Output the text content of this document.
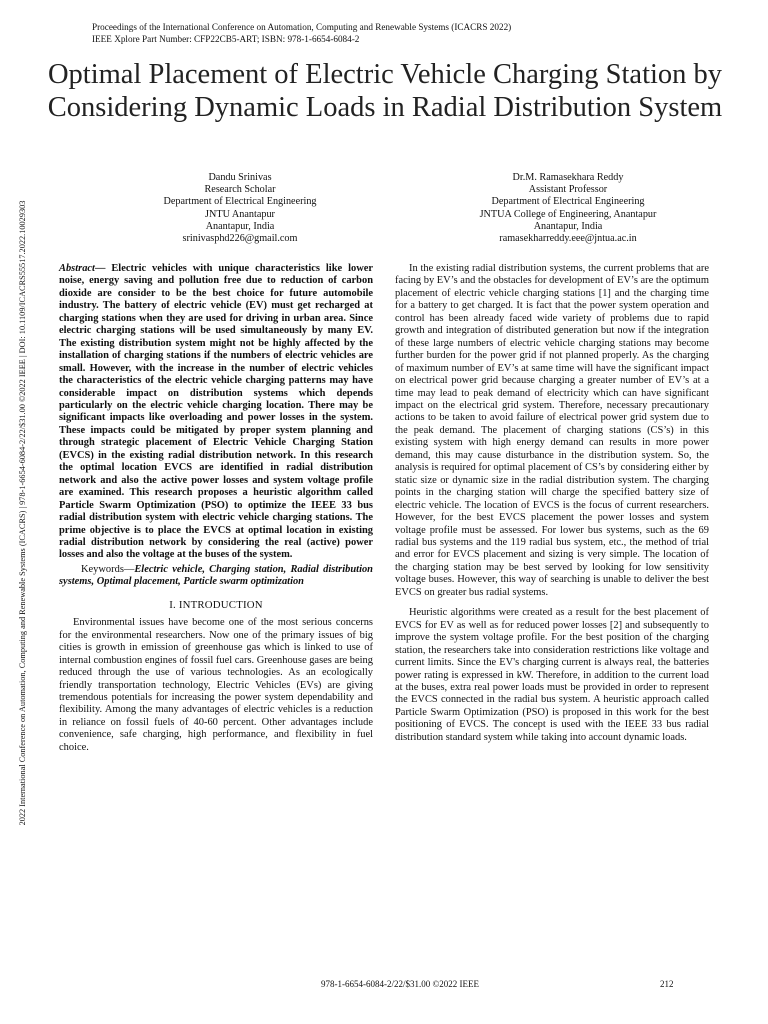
Proceedings of the International Conference on Automation, Computing and Renewable Systems (ICACRS 2022)
IEEE Xplore Part Number: CFP22CB5-ART; ISBN: 978-1-6654-6084-2
2022 International Conference on Automation, Computing and Renewable Systems (ICACRS) | 978-1-6654-6084-2/22/$31.00 ©2022 IEEE | DOI: 10.1109/ICACRS55517.2022.10029303
Optimal Placement of Electric Vehicle Charging Station by Considering Dynamic Loads in Radial Distribution System
Dandu Srinivas
Research Scholar
Department of Electrical Engineering
JNTU Anantapur
Anantapur, India
srinivasphd226@gmail.com
Dr.M. Ramasekhara Reddy
Assistant Professor
Department of Electrical Engineering
JNTUA College of Engineering, Anantapur
Anantapur, India
ramasekharreddy.eee@jntua.ac.in

Abstract— Electric vehicles with unique characteristics like lower noise, energy saving and pollution free due to reduction of carbon dioxide are consider to be the best choice for future automobile industry. The battery of electric vehicle (EV) must get recharged at charging stations when they are used for driving in urban area. Since electric charging stations will be used simultaneously by many EV. The existing distribution system might not be highly affected by the installation of charging stations if the numbers of electric vehicles are small. However, with the increase in the number of electric vehicles the characteristics of the electric vehicle charging patterns may have considerable impact on distribution systems which depends particularly on the electric vehicle charging location. There may be significant impacts like overloading and power losses in the system. These impacts could be mitigated by proper system planning and through strategic placement of Electric Vehicle Charging Station (EVCS) in the existing radial distribution network. In this research the optimal location EVCS are identified in radial distribution network and also the active power losses and system voltage profile are examined. This research proposes a heuristic algorithm called Particle Swarm Optimization (PSO) to optimize the IEEE 33 bus radial distribution system with electric vehicle charging stations. The prime objective is to place the EVCS at optimal location in existing radial distribution network by considering the real (active) power losses and also the voltage at the buses of the system.

Keywords—Electric vehicle, Charging station, Radial distribution systems, Optimal placement, Particle swarm optimization

I. INTRODUCTION

Environmental issues have become one of the most serious concerns for the environmental researchers. Now one of the primary issues of big cities is growth in emission of greenhouse gas which is linked to use of internal combustion engines of fossil fuel cars. Greenhouse gases are being reduced through the use of various technologies. As an ecologically friendly transportation technology, Electric Vehicles (EVs) are giving tremendous potentials for increasing the power system dependability and flexibility. Among the many advantages of electric vehicles is a reduction in reliance on fossil fuels of 40-60 percent. Other advantages include convenience, safe charging, high performance, and flexibility in fuel choice.

In the existing radial distribution systems, the current problems that are facing by EV’s and the obstacles for development of EV’s are the optimum placement of electric vehicle charging stations [1] and the charging time for a battery to get charged. It is fact that the power system operation and control has been already faced wide variety of problems due to rapid growth and integration of distributed generation but now if the integration of these large numbers of electric vehicle charging stations may become further burden for the power grid if not planned properly. As the charging of maximum number of EV’s at same time will have the significant impact on electrical power grid because charging a greater number of EV’s at a time may lead to peak demand of electricity which can have significant impact on the electrical grid system. Therefore, necessary precautionary actions to be taken to avoid failure of electrical power grid system due to the peak demand. The placement of charging stations (CS’s) in this existing system with high energy demand can results in more power demand, this may cause disturbance in the distribution system. So, the analysis is required for optimal placement of CS’s by considering either by static size or dynamic size in the radial distribution system. The charging points in the charging station will charge the specified battery size of electric vehicle. The location of EVCS is the focus of current researchers. However, for the best EVCS placement the power losses and system voltage profile must be assessed. For lower bus systems, such as the 69 radial bus systems and the 119 radial bus system, etc., the method of trial and error for EVCS placement and sizing is very simple. The location of the charging station may be best served by looking for low sensitivity voltage buses. However, this way of searching is unable to deliver the best EVCS on greater bus radial systems.

Heuristic algorithms were created as a result for the best placement of EVCS for EV as well as for reduced power losses [2] and subsequently to improve the system voltage profile. For the best position of the charging station, the researchers take into consideration restrictions like voltage and current limits. Since the EV's charging current is always real, the batteries power rating is expressed in kW. Therefore, in addition to the current load at the buses, extra real power loads must be provided in order to represent the EVCS connected in the radial bus system. A heuristic approach called Particle Swarm Optimization (PSO) is proposed in this work for the best positioning of EVCS. The concept is used with the IEEE 33 bus radial distribution standard system while taking into account dynamic loads.

978-1-6654-6084-2/22/$31.00 ©2022 IEEE	212
